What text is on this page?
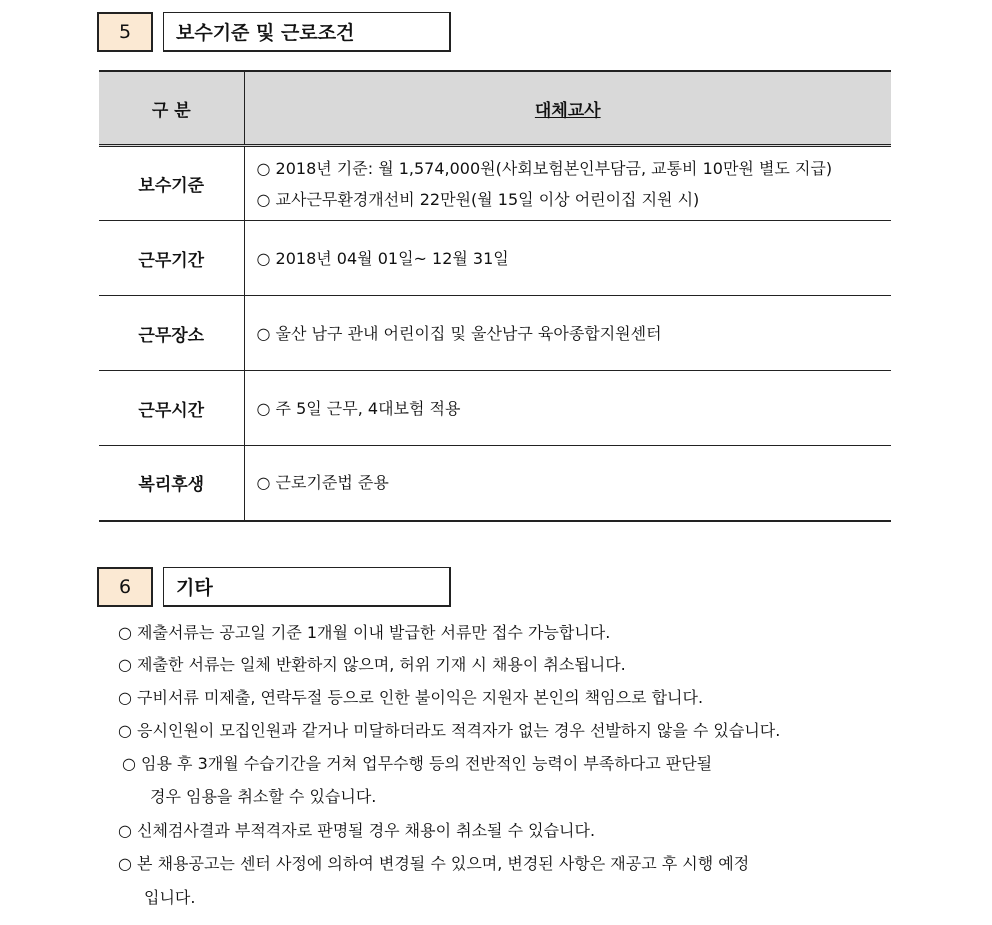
5	보수기준 및 근로조건
구 분	대체교사
보수기준	○ 2018년 기준: 월 1,574,000원(사회보험본인부담금, 교통비 10만원 별도 지급)
○ 교사근무환경개선비 22만원(월 15일 이상 어린이집 지원 시)

근무기간	○ 2018년 04월 01일~ 12월 31일

근무장소	○ 울산 남구 관내 어린이집 및 울산남구 육아종합지원센터

근무시간	○ 주 5일 근무, 4대보험 적용

복리후생	○ 근로기준법 준용
6	기타
○ 제출서류는 공고일 기준 1개월 이내 발급한 서류만 접수 가능합니다.
○ 제출한 서류는 일체 반환하지 않으며, 허위 기재 시 채용이 취소됩니다.
○ 구비서류 미제출, 연락두절 등으로 인한 불이익은 지원자 본인의 책임으로 합니다.
○ 응시인원이 모집인원과 같거나 미달하더라도 적격자가 없는 경우 선발하지 않을 수 있습니다.
○ 임용 후 3개월 수습기간을 거쳐 업무수행 등의 전반적인 능력이 부족하다고 판단될
경우 임용을 취소할 수 있습니다.
○ 신체검사결과 부적격자로 판명될 경우 채용이 취소될 수 있습니다.
○ 본 채용공고는 센터 사정에 의하여 변경될 수 있으며, 변경된 사항은 재공고 후 시행 예정
입니다.
